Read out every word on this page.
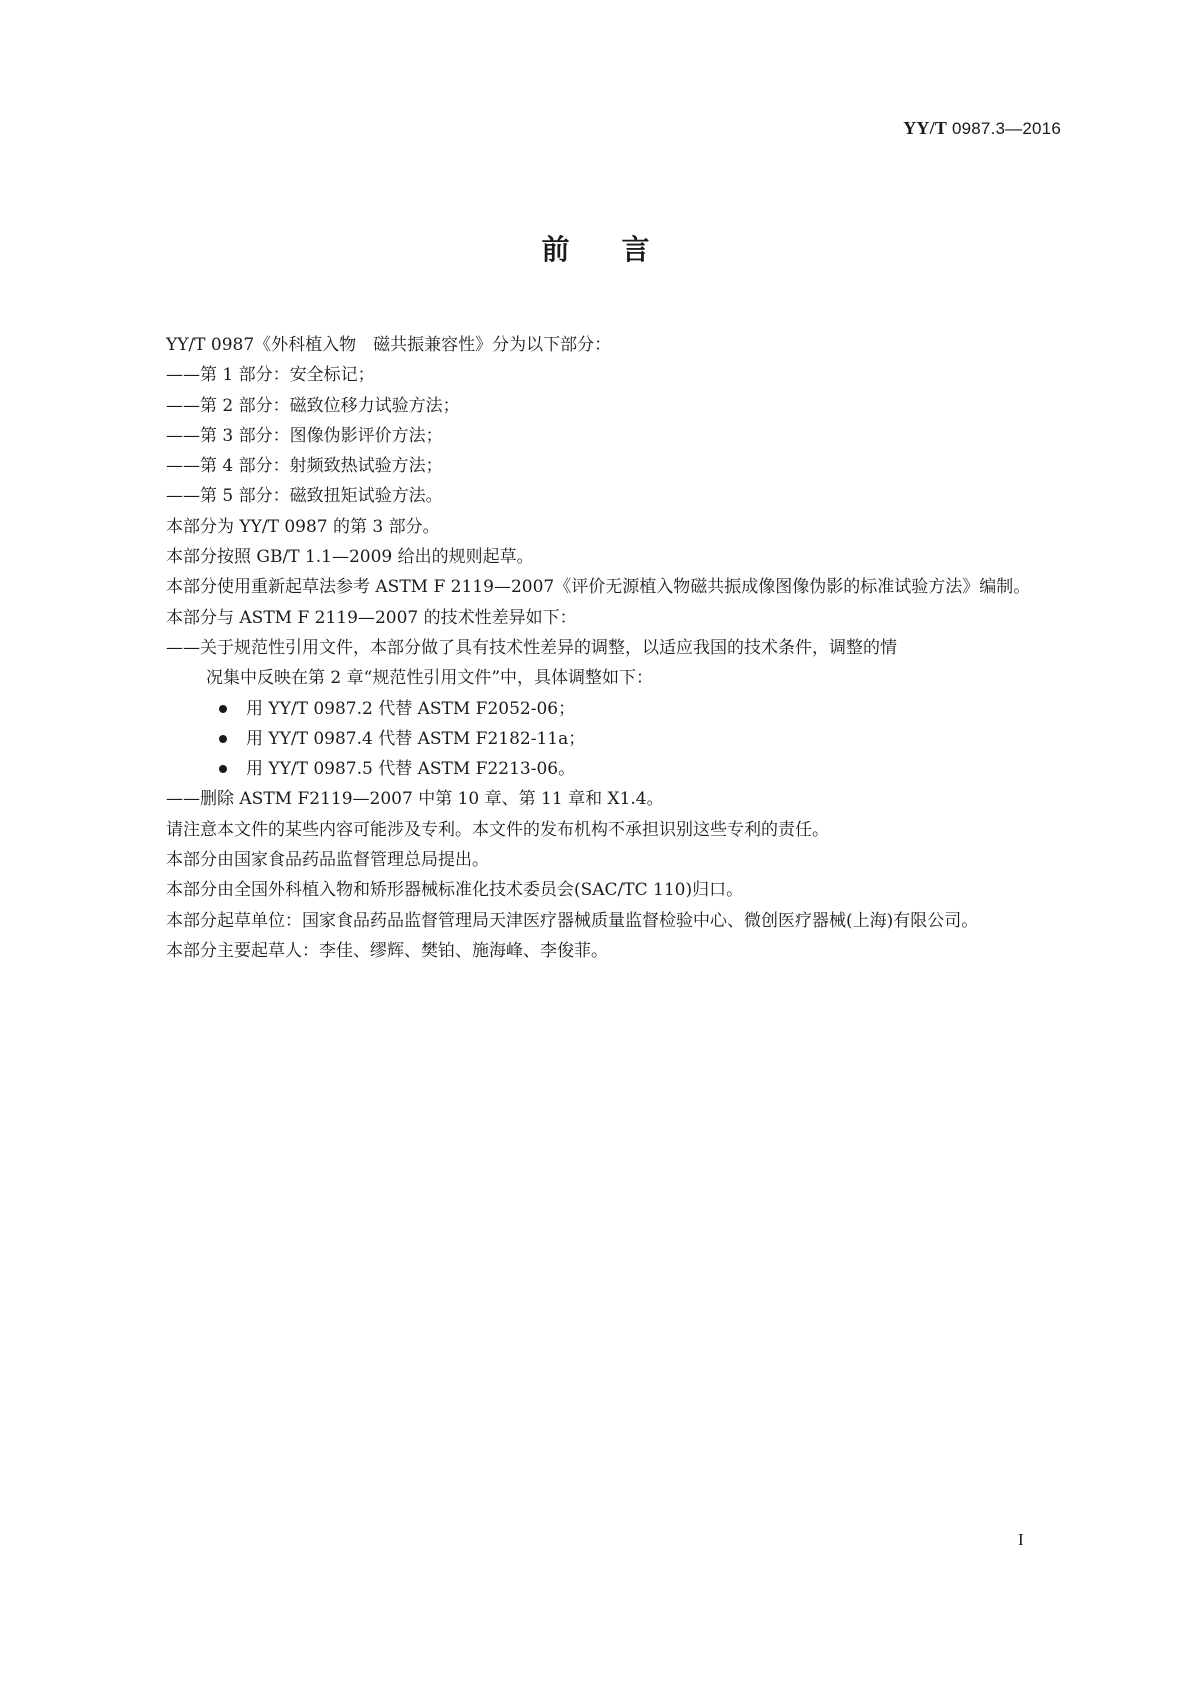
YY/T 0987.3—2016
前言

YY/T 0987《外科植入物　磁共振兼容性》分为以下部分：

——第 1 部分：安全标记；

——第 2 部分：磁致位移力试验方法；

——第 3 部分：图像伪影评价方法；

——第 4 部分：射频致热试验方法；

——第 5 部分：磁致扭矩试验方法。

本部分为 YY/T 0987 的第 3 部分。

本部分按照 GB/T 1.1—2009 给出的规则起草。

本部分使用重新起草法参考 ASTM F 2119—2007《评价无源植入物磁共振成像图像伪影的标准试验方法》编制。

本部分与 ASTM F 2119—2007 的技术性差异如下：

——关于规范性引用文件，本部分做了具有技术性差异的调整，以适应我国的技术条件，调整的情
况集中反映在第 2 章“规范性引用文件”中，具体调整如下：

用 YY/T 0987.2 代替 ASTM F2052-06；

用 YY/T 0987.4 代替 ASTM F2182-11a；

用 YY/T 0987.5 代替 ASTM F2213-06。

——删除 ASTM F2119—2007 中第 10 章、第 11 章和 X1.4。

请注意本文件的某些内容可能涉及专利。本文件的发布机构不承担识别这些专利的责任。

本部分由国家食品药品监督管理总局提出。

本部分由全国外科植入物和矫形器械标准化技术委员会(SAC/TC 110)归口。

本部分起草单位：国家食品药品监督管理局天津医疗器械质量监督检验中心、微创医疗器械(上海)有限公司。

本部分主要起草人：李佳、缪辉、樊铂、施海峰、李俊菲。

I
